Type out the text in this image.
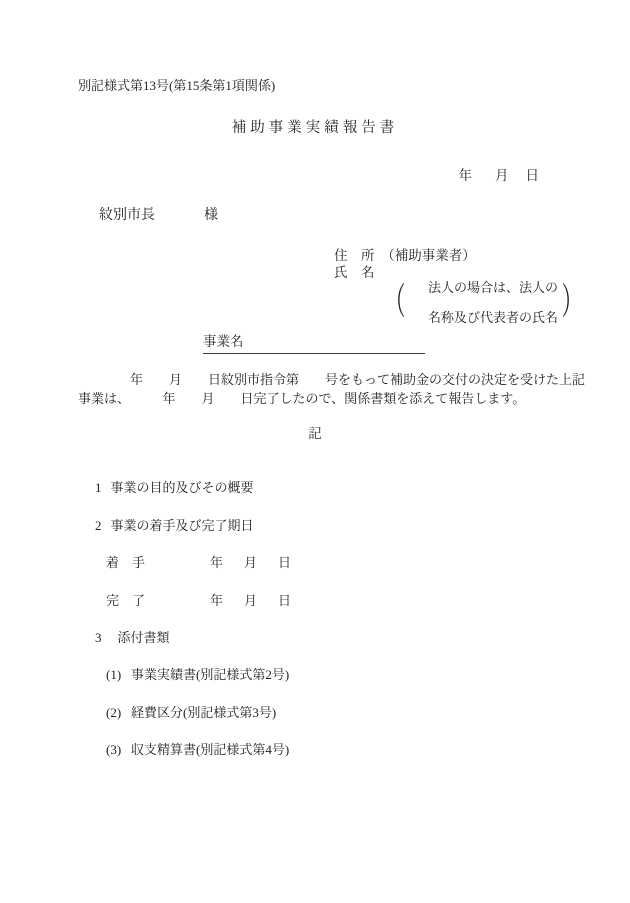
別記様式第13号(第15条第1項関係)
補助事業実績報告書

年 月 日

紋別市長	様

住　所　（補助事業者）
氏　名
（	法人の場合は、法人の

名称及び代表者の氏名
）
事業名
　　　　年　　月　　日紋別市指令第　　号をもって補助金の交付の決定を受けた上記
事業は、　　　年　　月　　日完了したので、関係書類を添えて報告します。
記

1 事業の目的及びその概要

2 事業の着手及び完了期日

着　手	年 月 日

完　了	年 月 日

3 添付書類

(1) 事業実績書(別記様式第2号)

(2) 経費区分(別記様式第3号)

(3) 収支精算書(別記様式第4号)
